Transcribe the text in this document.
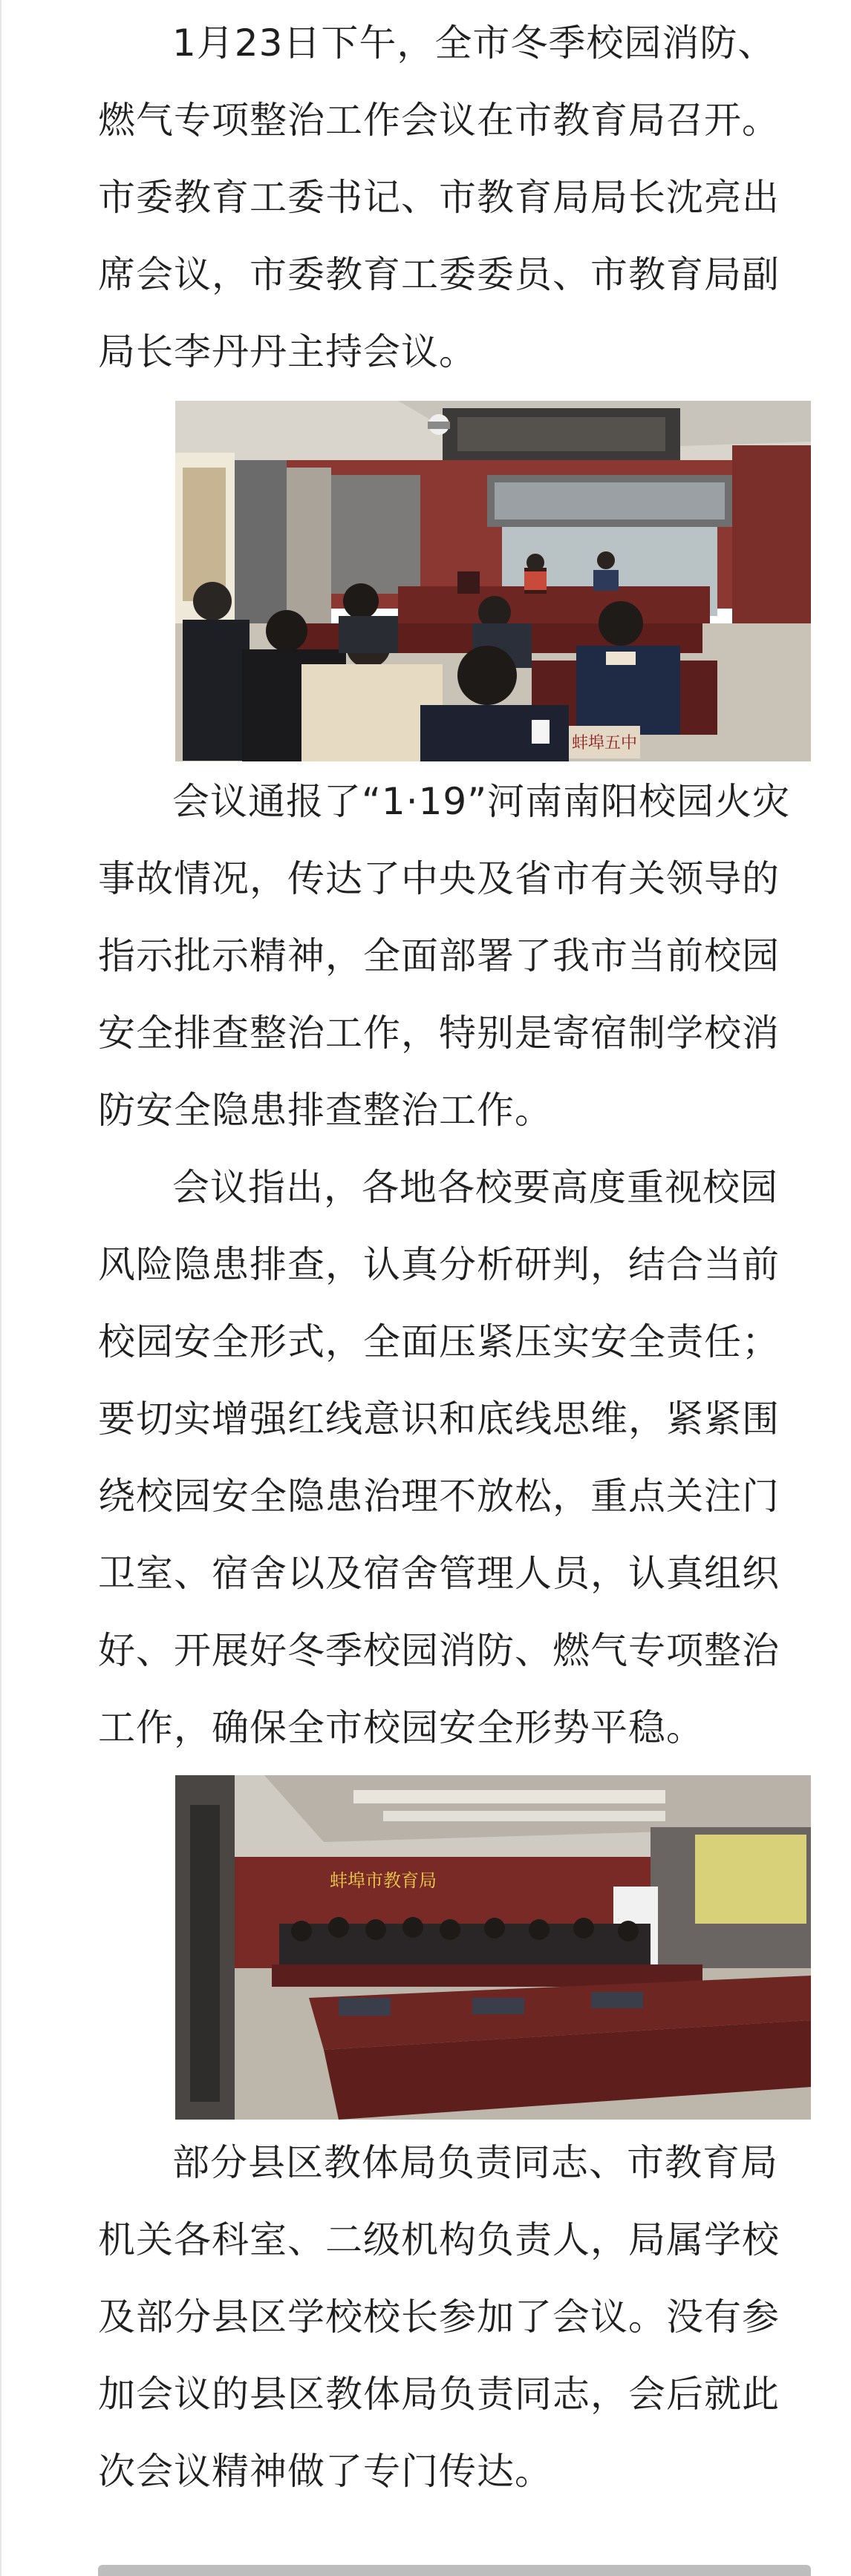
1月23日下午，全市冬季校园消防、燃气专项整治工作会议在市教育局召开。市委教育工委书记、市教育局局长沈亮出席会议，市委教育工委委员、市教育局副局长李丹丹主持会议。

蚌埠五中

会议通报了“1·19”河南南阳校园火灾事故情况，传达了中央及省市有关领导的指示批示精神，全面部署了我市当前校园安全排查整治工作，特别是寄宿制学校消防安全隐患排查整治工作。

会议指出，各地各校要高度重视校园风险隐患排查，认真分析研判，结合当前校园安全形式，全面压紧压实安全责任；要切实增强红线意识和底线思维，紧紧围绕校园安全隐患治理不放松，重点关注门卫室、宿舍以及宿舍管理人员，认真组织好、开展好冬季校园消防、燃气专项整治工作，确保全市校园安全形势平稳。

蚌埠市教育局

部分县区教体局负责同志、市教育局机关各科室、二级机构负责人，局属学校及部分县区学校校长参加了会议。没有参加会议的县区教体局负责同志，会后就此次会议精神做了专门传达。
